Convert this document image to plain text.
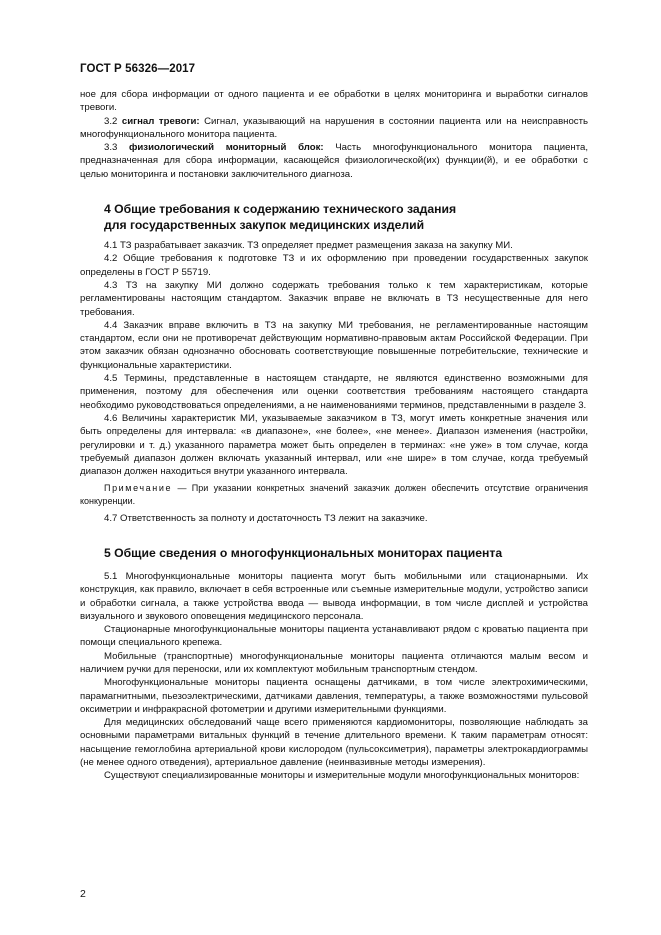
ГОСТ Р 56326—2017

ное для сбора информации от одного пациента и ее обработки в целях мониторинга и выработки сигналов тревоги.

3.2 сигнал тревоги: Сигнал, указывающий на нарушения в состоянии пациента или на неисправность многофункционального монитора пациента.

3.3 физиологический мониторный блок: Часть многофункционального монитора пациента, предназначенная для сбора информации, касающейся физиологической(их) функции(й), и ее обработки с целью мониторинга и постановки заключительного диагноза.

4 Общие требования к содержанию технического задания
для государственных закупок медицинских изделий

4.1 ТЗ разрабатывает заказчик. ТЗ определяет предмет размещения заказа на закупку МИ.

4.2 Общие требования к подготовке ТЗ и их оформлению при проведении государственных закупок определены в ГОСТ Р 55719.

4.3 ТЗ на закупку МИ должно содержать требования только к тем характеристикам, которые регламентированы настоящим стандартом. Заказчик вправе не включать в ТЗ несущественные для него требования.

4.4 Заказчик вправе включить в ТЗ на закупку МИ требования, не регламентированные настоящим стандартом, если они не противоречат действующим нормативно-правовым актам Российской Федерации. При этом заказчик обязан однозначно обосновать соответствующие повышенные потребительские, технические и функциональные характеристики.

4.5 Термины, представленные в настоящем стандарте, не являются единственно возможными для применения, поэтому для обеспечения или оценки соответствия требованиям настоящего стандарта необходимо руководствоваться определениями, а не наименованиями терминов, представленными в разделе 3.

4.6 Величины характеристик МИ, указываемые заказчиком в ТЗ, могут иметь конкретные значения или быть определены для интервала: «в диапазоне», «не более», «не менее». Диапазон изменения (настройки, регулировки и т. д.) указанного параметра может быть определен в терминах: «не уже» в том случае, когда требуемый диапазон должен включать указанный интервал, или «не шире» в том случае, когда требуемый диапазон должен находиться внутри указанного интервала.

Примечание — При указании конкретных значений заказчик должен обеспечить отсутствие ограничения конкуренции.

4.7 Ответственность за полноту и достаточность ТЗ лежит на заказчике.

5 Общие сведения о многофункциональных мониторах пациента

5.1 Многофункциональные мониторы пациента могут быть мобильными или стационарными. Их конструкция, как правило, включает в себя встроенные или съемные измерительные модули, устройство записи и обработки сигнала, а также устройства ввода — вывода информации, в том числе дисплей и устройства визуального и звукового оповещения медицинского персонала.

Стационарные многофункциональные мониторы пациента устанавливают рядом с кроватью пациента при помощи специального крепежа.

Мобильные (транспортные) многофункциональные мониторы пациента отличаются малым весом и наличием ручки для переноски, или их комплектуют мобильным транспортным стендом.

Многофункциональные мониторы пациента оснащены датчиками, в том числе электрохимическими, парамагнитными, пьезоэлектрическими, датчиками давления, температуры, а также возможностями пульсовой оксиметрии и инфракрасной фотометрии и другими измерительными функциями.

Для медицинских обследований чаще всего применяются кардиомониторы, позволяющие наблюдать за основными параметрами витальных функций в течение длительного времени. К таким параметрам относят: насыщение гемоглобина артериальной крови кислородом (пульсоксиметрия), параметры электрокардиограммы (не менее одного отведения), артериальное давление (неинвазивные методы измерения).

Существуют специализированные мониторы и измерительные модули многофункциональных мониторов:

2
